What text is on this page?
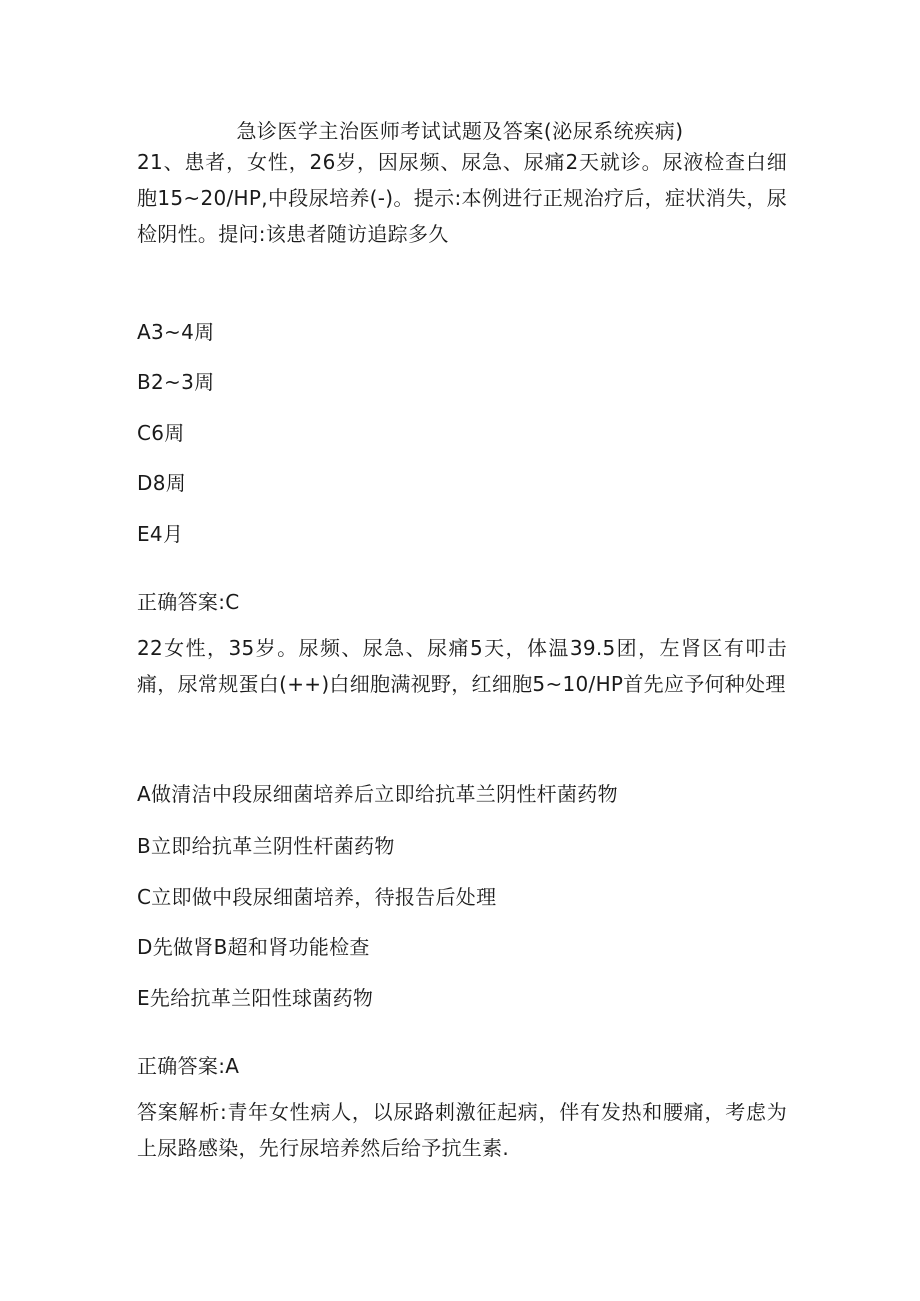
急诊医学主治医师考试试题及答案(泌尿系统疾病)

21、患者，女性，26岁，因尿频、尿急、尿痛2天就诊。尿液检查白细胞15~20/HP,中段尿培养(-)。提示:本例进行正规治疗后，症状消失，尿检阴性。提问:该患者随访追踪多久

A3~4周
B2~3周
C6周
D8周
E4月
正确答案:C

22女性，35岁。尿频、尿急、尿痛5天，体温39.5团，左肾区有叩击痛，尿常规蛋白(++)白细胞满视野，红细胞5~10/HP首先应予何种处理

A做清洁中段尿细菌培养后立即给抗革兰阴性杆菌药物
B立即给抗革兰阴性杆菌药物
C立即做中段尿细菌培养，待报告后处理
D先做肾B超和肾功能检查
E先给抗革兰阳性球菌药物
正确答案:A

答案解析:青年女性病人，以尿路刺激征起病，伴有发热和腰痛，考虑为上尿路感染，先行尿培养然后给予抗生素.
